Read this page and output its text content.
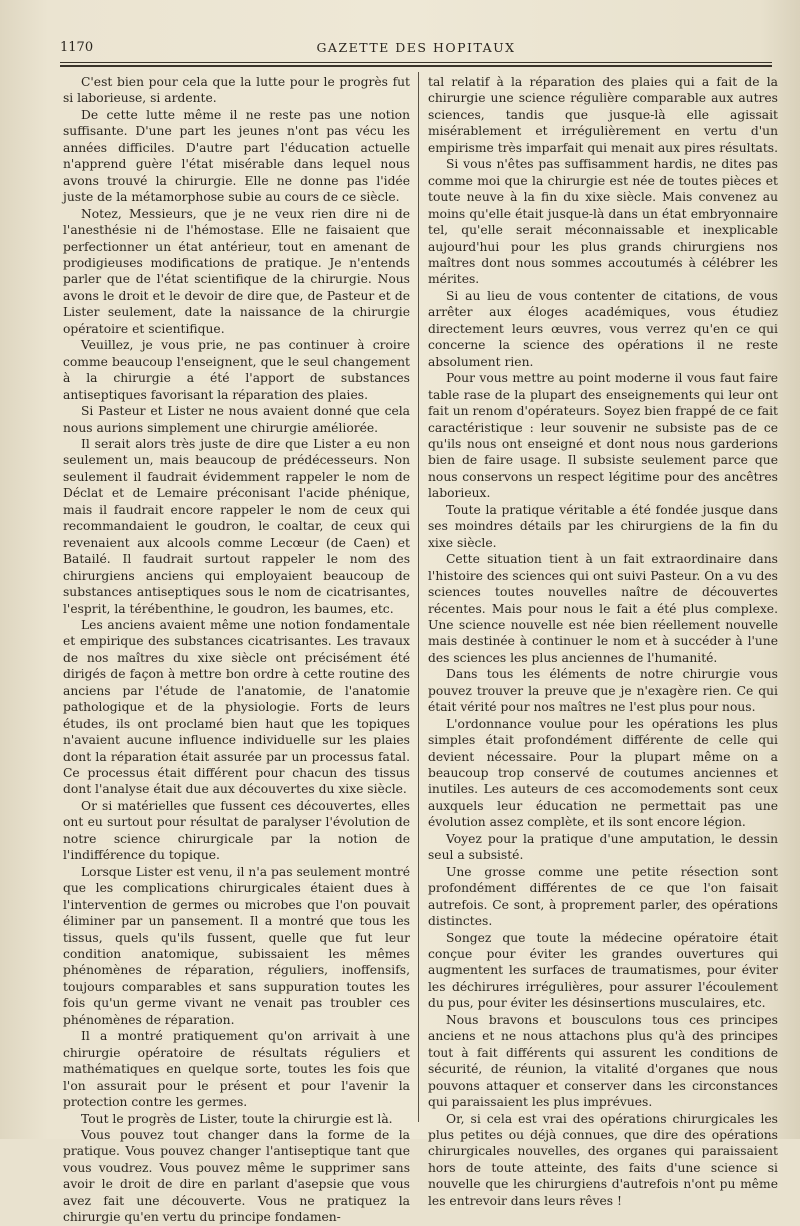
1170	GAZETTE DES HOPITAUX

C'est bien pour cela que la lutte pour le progrès fut si laborieuse, si ardente.

De cette lutte même il ne reste pas une notion suffisante. D'une part les jeunes n'ont pas vécu les années difficiles. D'autre part l'éducation actuelle n'apprend guère l'état misérable dans lequel nous avons trouvé la chirurgie. Elle ne donne pas l'idée juste de la métamorphose subie au cours de ce siècle.

Notez, Messieurs, que je ne veux rien dire ni de l'anesthésie ni de l'hémostase. Elle ne faisaient que perfectionner un état antérieur, tout en amenant de prodigieuses modifications de pratique. Je n'entends parler que de l'état scientifique de la chirurgie. Nous avons le droit et le devoir de dire que, de Pasteur et de Lister seulement, date la naissance de la chirurgie opératoire et scientifique.

Veuillez, je vous prie, ne pas continuer à croire comme beaucoup l'enseignent, que le seul changement à la chirurgie a été l'apport de substances antiseptiques favorisant la réparation des plaies.

Si Pasteur et Lister ne nous avaient donné que cela nous aurions simplement une chirurgie améliorée.

Il serait alors très juste de dire que Lister a eu non seulement un, mais beaucoup de prédécesseurs. Non seulement il faudrait évidemment rappeler le nom de Déclat et de Lemaire préconisant l'acide phénique, mais il faudrait encore rappeler le nom de ceux qui recommandaient le goudron, le coaltar, de ceux qui revenaient aux alcools comme Lecœur (de Caen) et Batailé. Il faudrait surtout rappeler le nom des chirurgiens anciens qui employaient beaucoup de substances antiseptiques sous le nom de cicatrisantes, l'esprit, la térébenthine, le goudron, les baumes, etc.

Les anciens avaient même une notion fondamentale et empirique des substances cicatrisantes. Les travaux de nos maîtres du xixe siècle ont précisément été dirigés de façon à mettre bon ordre à cette routine des anciens par l'étude de l'anatomie, de l'anatomie pathologique et de la physiologie. Forts de leurs études, ils ont proclamé bien haut que les topiques n'avaient aucune influence individuelle sur les plaies dont la réparation était assurée par un processus fatal. Ce processus était différent pour chacun des tissus dont l'analyse était due aux découvertes du xixe siècle.

Or si matérielles que fussent ces découvertes, elles ont eu surtout pour résultat de paralyser l'évolution de notre science chirurgicale par la notion de l'indifférence du topique.

Lorsque Lister est venu, il n'a pas seulement montré que les complications chirurgicales étaient dues à l'intervention de germes ou microbes que l'on pouvait éliminer par un pansement. Il a montré que tous les tissus, quels qu'ils fussent, quelle que fut leur condition anatomique, subissaient les mêmes phénomènes de réparation, réguliers, inoffensifs, toujours comparables et sans suppuration toutes les fois qu'un germe vivant ne venait pas troubler ces phénomènes de réparation.

Il a montré pratiquement qu'on arrivait à une chirurgie opératoire de résultats réguliers et mathématiques en quelque sorte, toutes les fois que l'on assurait pour le présent et pour l'avenir la protection contre les germes.

Tout le progrès de Lister, toute la chirurgie est là.

Vous pouvez tout changer dans la forme de la pratique. Vous pouvez changer l'antiseptique tant que vous voudrez. Vous pouvez même le supprimer sans avoir le droit de dire en parlant d'asepsie que vous avez fait une découverte. Vous ne pratiquez la chirurgie qu'en vertu du principe fondamen-

tal relatif à la réparation des plaies qui a fait de la chirurgie une science régulière comparable aux autres sciences, tandis que jusque-là elle agissait misérablement et irrégulièrement en vertu d'un empirisme très imparfait qui menait aux pires résultats.

Si vous n'êtes pas suffisamment hardis, ne dites pas comme moi que la chirurgie est née de toutes pièces et toute neuve à la fin du xixe siècle. Mais convenez au moins qu'elle était jusque-là dans un état embryonnaire tel, qu'elle serait méconnaissable et inexplicable aujourd'hui pour les plus grands chirurgiens nos maîtres dont nous sommes accoutumés à célébrer les mérites.

Si au lieu de vous contenter de citations, de vous arrêter aux éloges académiques, vous étudiez directement leurs œuvres, vous verrez qu'en ce qui concerne la science des opérations il ne reste absolument rien.

Pour vous mettre au point moderne il vous faut faire table rase de la plupart des enseignements qui leur ont fait un renom d'opérateurs. Soyez bien frappé de ce fait caractéristique : leur souvenir ne subsiste pas de ce qu'ils nous ont enseigné et dont nous nous garderions bien de faire usage. Il subsiste seulement parce que nous conservons un respect légitime pour des ancêtres laborieux.

Toute la pratique véritable a été fondée jusque dans ses moindres détails par les chirurgiens de la fin du xixe siècle.

Cette situation tient à un fait extraordinaire dans l'histoire des sciences qui ont suivi Pasteur. On a vu des sciences toutes nouvelles naître de découvertes récentes. Mais pour nous le fait a été plus complexe. Une science nouvelle est née bien réellement nouvelle mais destinée à continuer le nom et à succéder à l'une des sciences les plus anciennes de l'humanité.

Dans tous les éléments de notre chirurgie vous pouvez trouver la preuve que je n'exagère rien. Ce qui était vérité pour nos maîtres ne l'est plus pour nous.

L'ordonnance voulue pour les opérations les plus simples était profondément différente de celle qui devient nécessaire. Pour la plupart même on a beaucoup trop conservé de coutumes anciennes et inutiles. Les auteurs de ces accomodements sont ceux auxquels leur éducation ne permettait pas une évolution assez complète, et ils sont encore légion.

Voyez pour la pratique d'une amputation, le dessin seul a subsisté.

Une grosse comme une petite résection sont profondément différentes de ce que l'on faisait autrefois. Ce sont, à proprement parler, des opérations distinctes.

Songez que toute la médecine opératoire était conçue pour éviter les grandes ouvertures qui augmentent les surfaces de traumatismes, pour éviter les déchirures irrégulières, pour assurer l'écoulement du pus, pour éviter les désinsertions musculaires, etc.

Nous bravons et bousculons tous ces principes anciens et ne nous attachons plus qu'à des principes tout à fait différents qui assurent les conditions de sécurité, de réunion, la vitalité d'organes que nous pouvons attaquer et conserver dans les circonstances qui paraissaient les plus imprévues.

Or, si cela est vrai des opérations chirurgicales les plus petites ou déjà connues, que dire des opérations chirurgicales nouvelles, des organes qui paraissaient hors de toute atteinte, des faits d'une science si nouvelle que les chirurgiens d'autrefois n'ont pu même les entrevoir dans leurs rêves !
